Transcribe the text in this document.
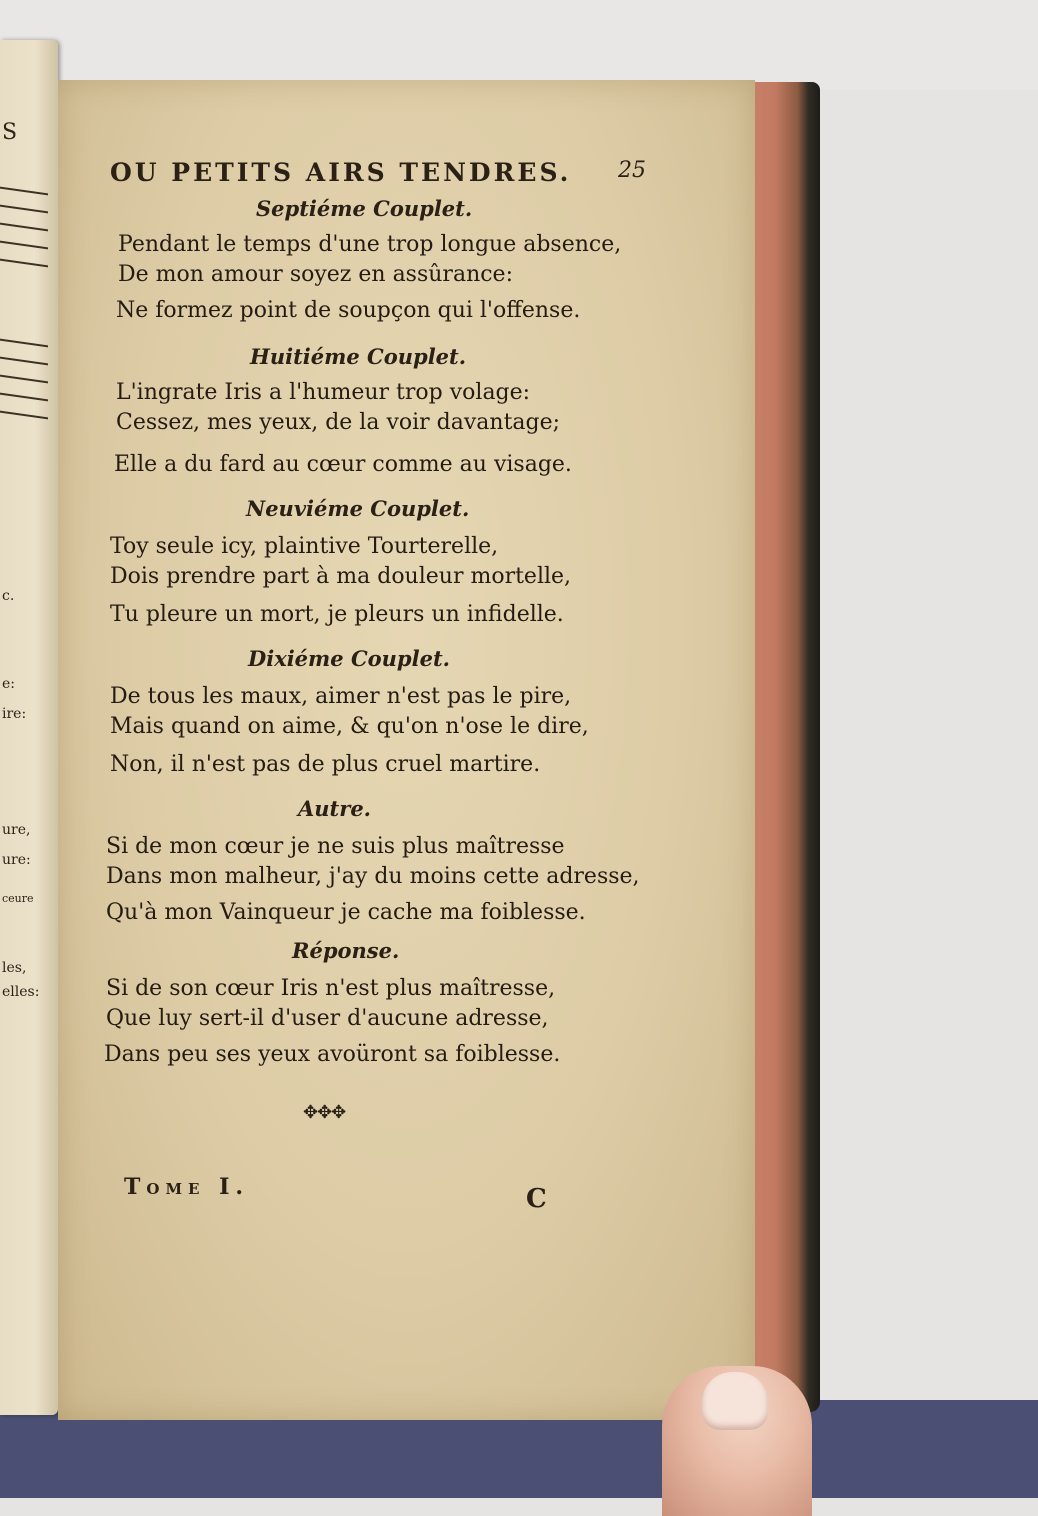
S
c.
e:
ire:
ure,
ure:
ceure
les,
elles:
OU PETITS AIRS TENDRES. 25
Septiéme Couplet.
Pendant le temps d'une trop longue absence,
De mon amour soyez en assûrance:
Ne formez point de soupçon qui l'offense.
Huitiéme Couplet.
L'ingrate Iris a l'humeur trop volage:
Cessez, mes yeux, de la voir davantage;
Elle a du fard au cœur comme au visage.
Neuviéme Couplet.
Toy seule icy, plaintive Tourterelle,
Dois prendre part à ma douleur mortelle,
Tu pleure un mort, je pleurs un infidelle.
Dixiéme Couplet.
De tous les maux, aimer n'est pas le pire,
Mais quand on aime, & qu'on n'ose le dire,
Non, il n'est pas de plus cruel martire.
Autre.
Si de mon cœur je ne suis plus maîtresse
Dans mon malheur, j'ay du moins cette adresse,
Qu'à mon Vainqueur je cache ma foiblesse.
Réponse.
Si de son cœur Iris n'est plus maîtresse,
Que luy sert-il d'user d'aucune adresse,
Dans peu ses yeux avoüront sa foiblesse.
✥✥✥
Tome I.	C
